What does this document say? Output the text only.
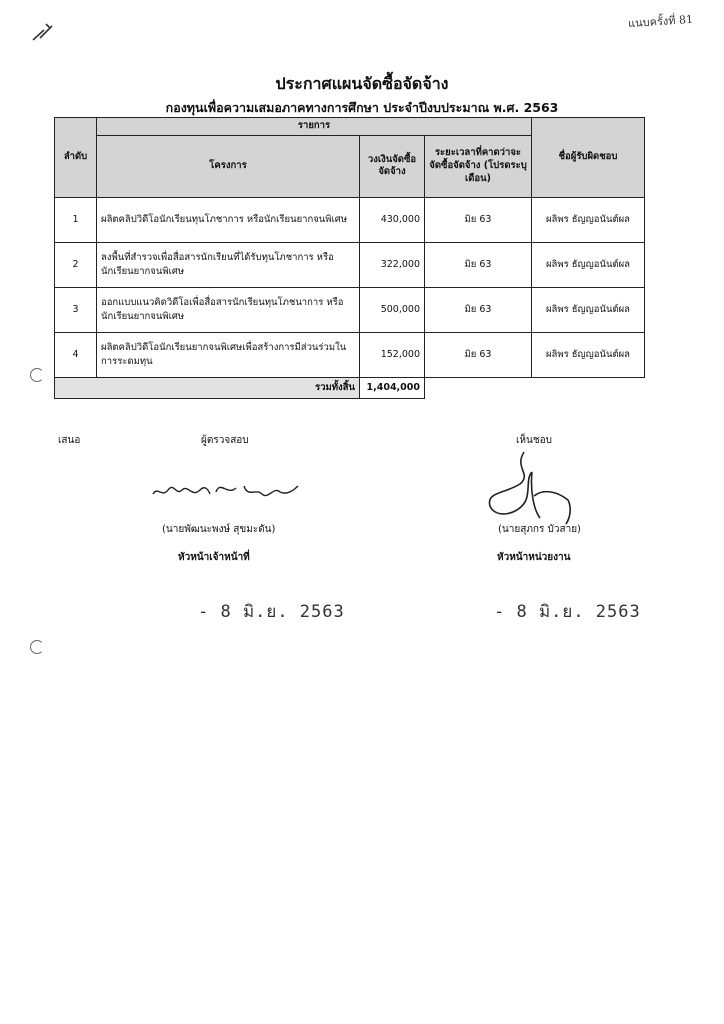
แนบครั้งที่ 81
ประกาศแผนจัดซื้อจัดจ้าง
กองทุนเพื่อความเสมอภาคทางการศึกษา ประจำปีงบประมาณ พ.ศ. 2563
ลำดับ	รายการ			ชื่อผู้รับผิดชอบ
	โครงการ	วงเงินจัดซื้อ จัดจ้าง	ระยะเวลาที่คาดว่าจะ จัดซื้อจัดจ้าง (โปรดระบุเดือน)	
1	ผลิตคลิปวิดีโอนักเรียนทุนโภชาการ หรือนักเรียนยากจนพิเศษ	430,000	มิย 63	ผลิพร ธัญญอนันต์ผล
2	ลงพื้นที่สำรวจเพื่อสื่อสารนักเรียนที่ได้รับทุนโภชาการ หรือนักเรียนยากจนพิเศษ	322,000	มิย 63	ผลิพร ธัญญอนันต์ผล
3	ออกแบบแนวคิดวิดีโอเพื่อสื่อสารนักเรียนทุนโภชนาการ หรือนักเรียนยากจนพิเศษ	500,000	มิย 63	ผลิพร ธัญญอนันต์ผล
4	ผลิตคลิปวิดีโอนักเรียนยากจนพิเศษเพื่อสร้างการมีส่วนร่วมในการระดมทุน	152,000	มิย 63	ผลิพร ธัญญอนันต์ผล
รวมทั้งสิ้น		1,404,000		
เสนอ	ผู้ตรวจสอบ	เห็นชอบ
(นายพัฒนะพงษ์ สุขมะดัน)	(นายสุภกร บัวสาย)
หัวหน้าเจ้าหน้าที่	หัวหน้าหน่วยงาน
- 8 มิ.ย. 2563	- 8 มิ.ย. 2563
